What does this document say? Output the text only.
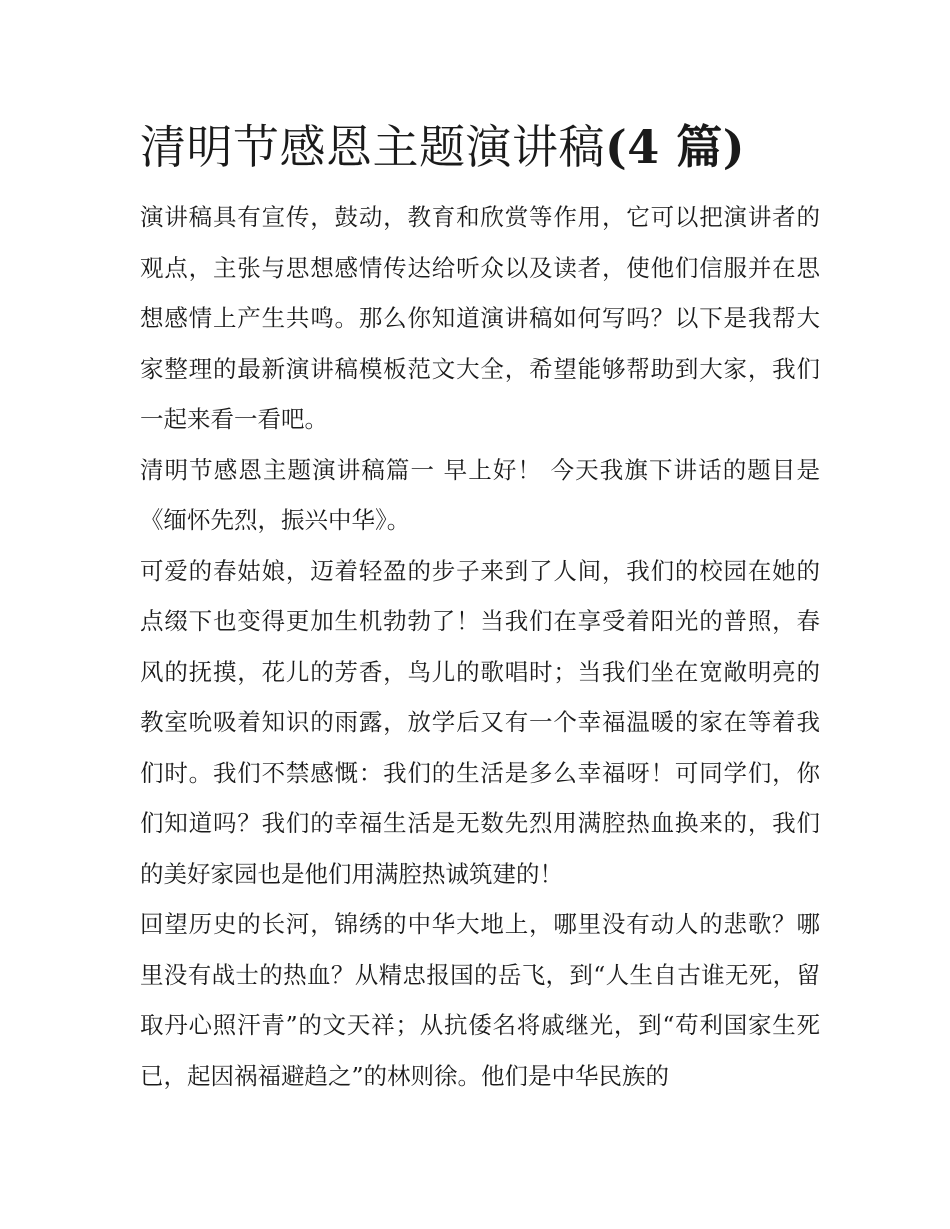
清明节感恩主题演讲稿(4 篇)

演讲稿具有宣传，鼓动，教育和欣赏等作用，它可以把演讲者的观点，主张与思想感情传达给听众以及读者，使他们信服并在思想感情上产生共鸣。那么你知道演讲稿如何写吗？以下是我帮大家整理的最新演讲稿模板范文大全，希望能够帮助到大家，我们一起来看一看吧。

清明节感恩主题演讲稿篇一 早上好！ 今天我旗下讲话的题目是《缅怀先烈，振兴中华》。

可爱的春姑娘，迈着轻盈的步子来到了人间，我们的校园在她的点缀下也变得更加生机勃勃了！当我们在享受着阳光的普照，春风的抚摸，花儿的芳香，鸟儿的歌唱时；当我们坐在宽敞明亮的教室吮吸着知识的雨露，放学后又有一个幸福温暖的家在等着我们时。我们不禁感慨：我们的生活是多么幸福呀！可同学们，你们知道吗？我们的幸福生活是无数先烈用满腔热血换来的，我们的美好家园也是他们用满腔热诚筑建的！

回望历史的长河，锦绣的中华大地上，哪里没有动人的悲歌？哪里没有战士的热血？从精忠报国的岳飞，到“人生自古谁无死，留取丹心照汗青”的文天祥；从抗倭名将戚继光，到“苟利国家生死已，起因祸福避趋之”的林则徐。他们是中华民族的
